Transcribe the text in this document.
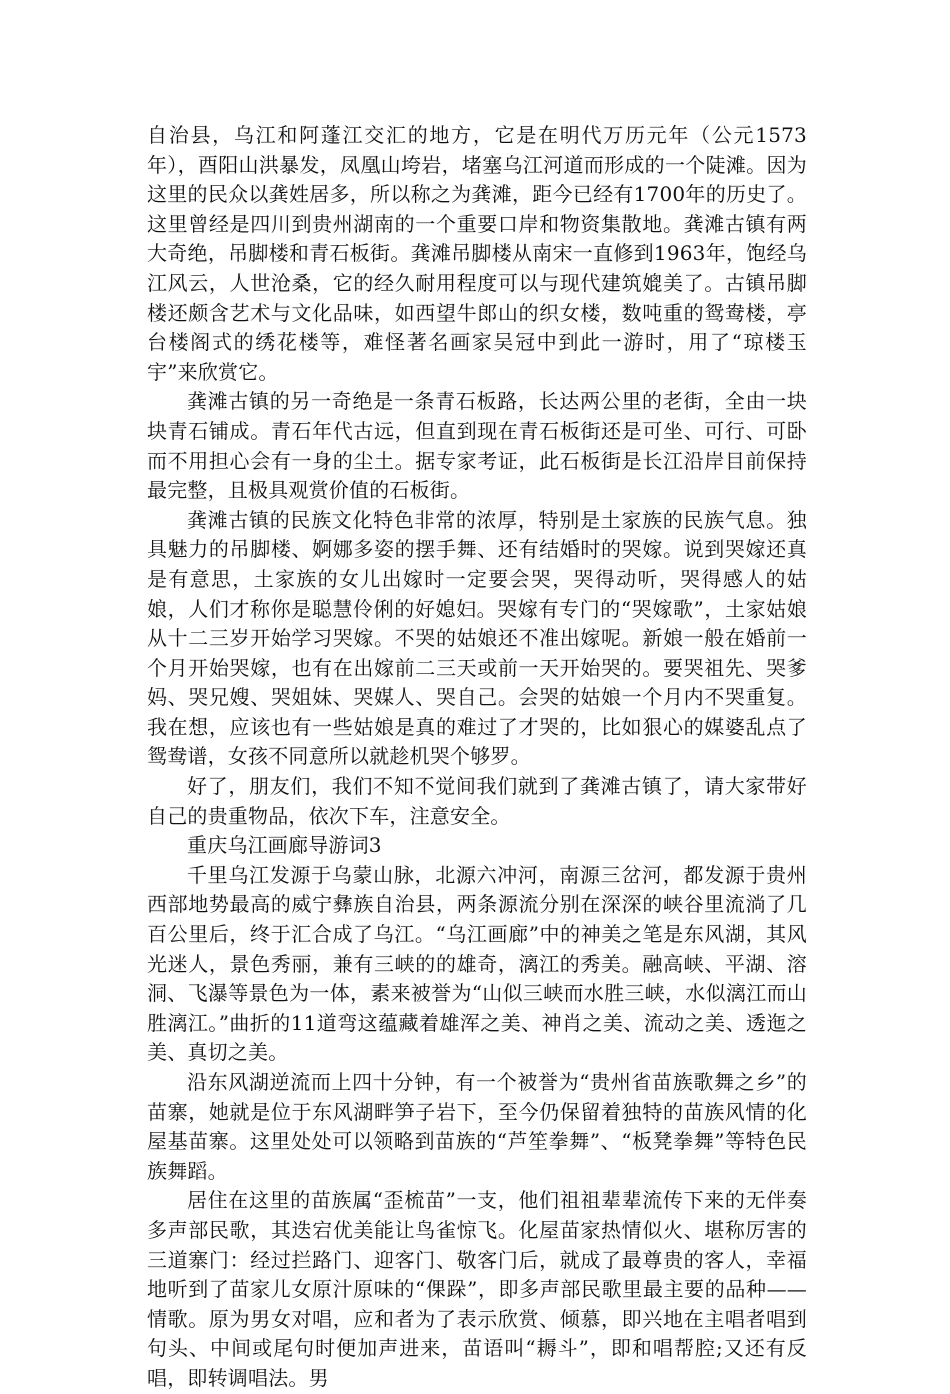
自治县，乌江和阿蓬江交汇的地方，它是在明代万历元年（公元1573年），酉阳山洪暴发，凤凰山垮岩，堵塞乌江河道而形成的一个陡滩。因为这里的民众以龚姓居多，所以称之为龚滩，距今已经有1700年的历史了。这里曾经是四川到贵州湖南的一个重要口岸和物资集散地。龚滩古镇有两大奇绝，吊脚楼和青石板街。龚滩吊脚楼从南宋一直修到1963年，饱经乌江风云，人世沧桑，它的经久耐用程度可以与现代建筑媲美了。古镇吊脚楼还颇含艺术与文化品味，如西望牛郎山的织女楼，数吨重的鸳鸯楼，亭台楼阁式的绣花楼等，难怪著名画家吴冠中到此一游时，用了“琼楼玉宇”来欣赏它。

龚滩古镇的另一奇绝是一条青石板路，长达两公里的老街，全由一块块青石铺成。青石年代古远，但直到现在青石板街还是可坐、可行、可卧而不用担心会有一身的尘土。据专家考证，此石板街是长江沿岸目前保持最完整，且极具观赏价值的石板街。

龚滩古镇的民族文化特色非常的浓厚，特别是土家族的民族气息。独具魅力的吊脚楼、婀娜多姿的摆手舞、还有结婚时的哭嫁。说到哭嫁还真是有意思，土家族的女儿出嫁时一定要会哭，哭得动听，哭得感人的姑娘，人们才称你是聪慧伶俐的好媳妇。哭嫁有专门的“哭嫁歌”，土家姑娘从十二三岁开始学习哭嫁。不哭的姑娘还不准出嫁呢。新娘一般在婚前一个月开始哭嫁，也有在出嫁前二三天或前一天开始哭的。要哭祖先、哭爹妈、哭兄嫂、哭姐妹、哭媒人、哭自己。会哭的姑娘一个月内不哭重复。我在想，应该也有一些姑娘是真的难过了才哭的，比如狠心的媒婆乱点了鸳鸯谱，女孩不同意所以就趁机哭个够罗。

好了，朋友们，我们不知不觉间我们就到了龚滩古镇了，请大家带好自己的贵重物品，依次下车，注意安全。

重庆乌江画廊导游词3

千里乌江发源于乌蒙山脉，北源六冲河，南源三岔河，都发源于贵州西部地势最高的威宁彝族自治县，两条源流分别在深深的峡谷里流淌了几百公里后，终于汇合成了乌江。“乌江画廊”中的神美之笔是东风湖，其风光迷人，景色秀丽，兼有三峡的的雄奇，漓江的秀美。融高峡、平湖、溶洞、飞瀑等景色为一体，素来被誉为“山似三峡而水胜三峡，水似漓江而山胜漓江。”曲折的11道弯这蕴藏着雄浑之美、神肖之美、流动之美、透迤之美、真切之美。

沿东风湖逆流而上四十分钟，有一个被誉为“贵州省苗族歌舞之乡”的苗寨，她就是位于东风湖畔笋子岩下，至今仍保留着独特的苗族风情的化屋基苗寨。这里处处可以领略到苗族的“芦笙拳舞”、“板凳拳舞”等特色民族舞蹈。

居住在这里的苗族属“歪梳苗”一支，他们祖祖辈辈流传下来的无伴奏多声部民歌，其迭宕优美能让鸟雀惊飞。化屋苗家热情似火、堪称厉害的三道寨门：经过拦路门、迎客门、敬客门后，就成了最尊贵的客人，幸福地听到了苗家儿女原汁原味的“倮跺”，即多声部民歌里最主要的品种——情歌。原为男女对唱，应和者为了表示欣赏、倾慕，即兴地在主唱者唱到句头、中间或尾句时便加声进来，苗语叫“耨斗”，即和唱帮腔;又还有反唱，即转调唱法。男
